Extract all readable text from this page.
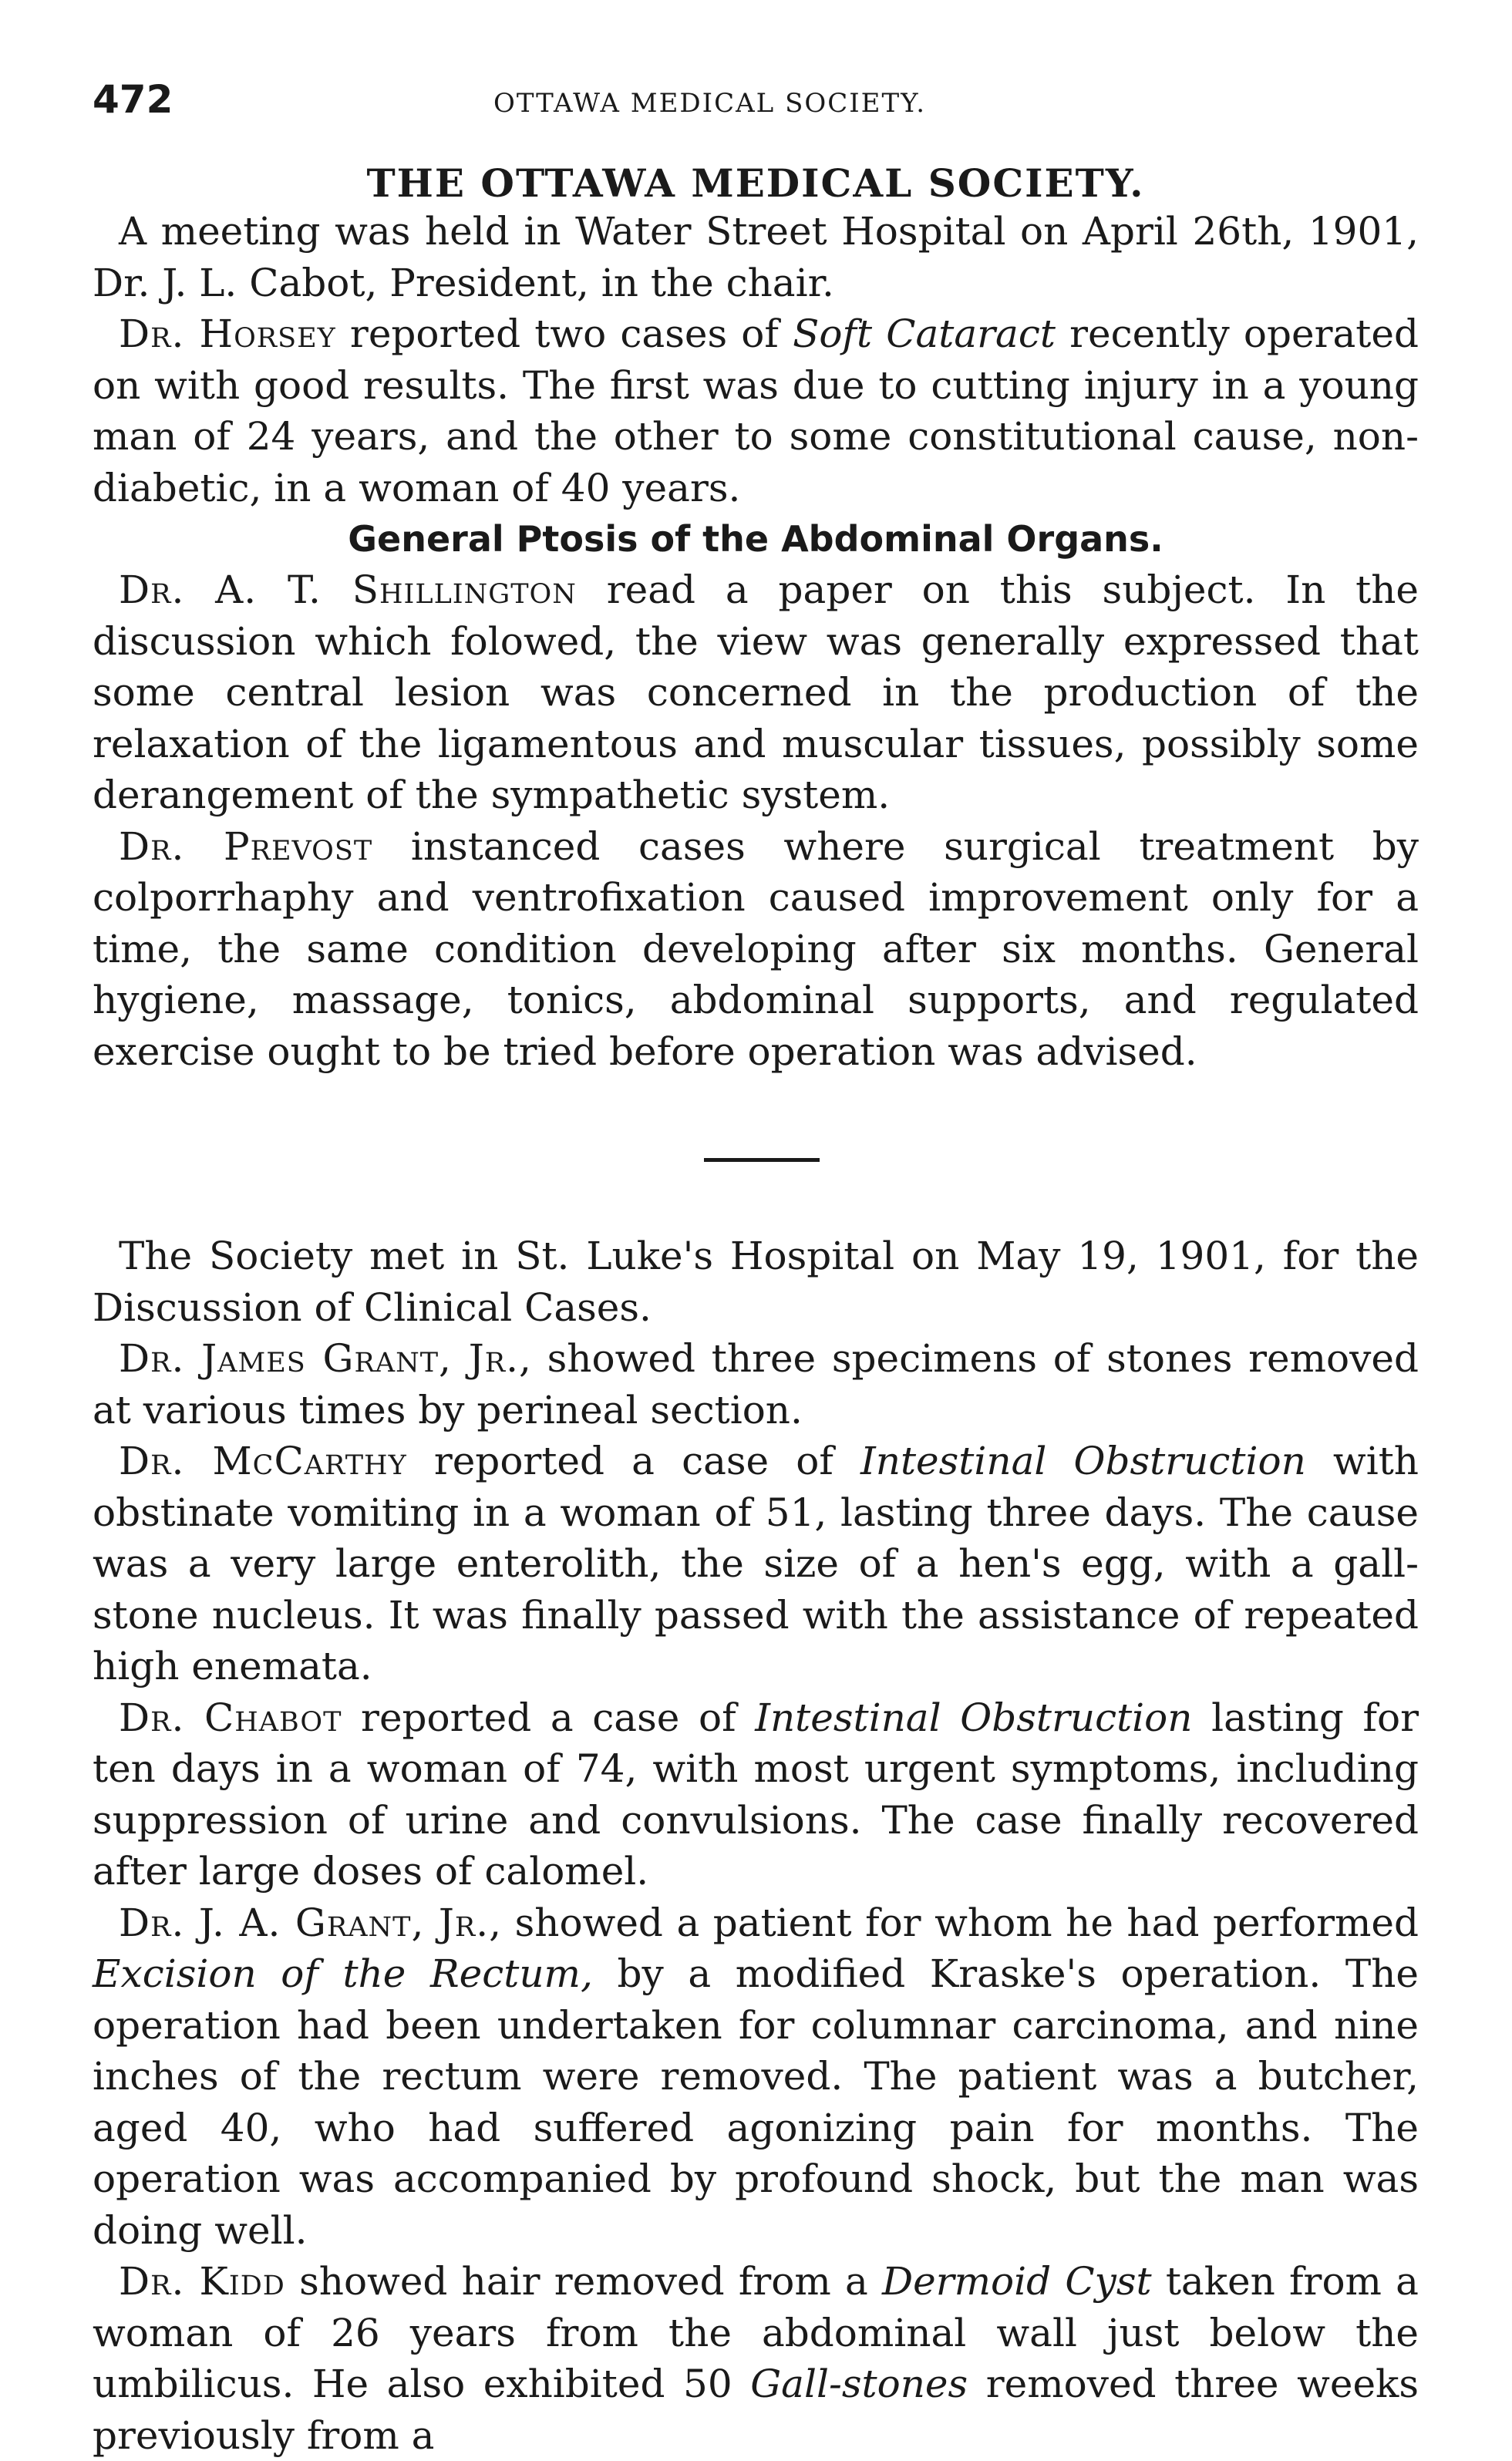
472	OTTAWA MEDICAL SOCIETY.
THE OTTAWA MEDICAL SOCIETY.

A meeting was held in Water Street Hospital on April 26th, 1901, Dr. J. L. Cabot, President, in the chair.

Dr. Horsey reported two cases of Soft Cataract recently operated on with good results. The first was due to cutting injury in a young man of 24 years, and the other to some constitutional cause, non-diabetic, in a woman of 40 years.

General Ptosis of the Abdominal Organs.

Dr. A. T. Shillington read a paper on this subject. In the discussion which folowed, the view was generally expressed that some central lesion was concerned in the production of the relaxation of the ligamentous and muscular tissues, possibly some derangement of the sympathetic system.

Dr. Prevost instanced cases where surgical treatment by colporrhaphy and ventrofixation caused improvement only for a time, the same condition developing after six months. General hygiene, massage, tonics, abdominal supports, and regulated exercise ought to be tried before operation was advised.

The Society met in St. Luke's Hospital on May 19, 1901, for the Discussion of Clinical Cases.

Dr. James Grant, Jr., showed three specimens of stones removed at various times by perineal section.

Dr. McCarthy reported a case of Intestinal Obstruction with obstinate vomiting in a woman of 51, lasting three days. The cause was a very large enterolith, the size of a hen's egg, with a gall-stone nucleus. It was finally passed with the assistance of repeated high enemata.

Dr. Chabot reported a case of Intestinal Obstruction lasting for ten days in a woman of 74, with most urgent symptoms, including suppression of urine and convulsions. The case finally recovered after large doses of calomel.

Dr. J. A. Grant, Jr., showed a patient for whom he had performed Excision of the Rectum, by a modified Kraske's operation. The operation had been undertaken for columnar carcinoma, and nine inches of the rectum were removed. The patient was a butcher, aged 40, who had suffered agonizing pain for months. The operation was accompanied by profound shock, but the man was doing well.

Dr. Kidd showed hair removed from a Dermoid Cyst taken from a woman of 26 years from the abdominal wall just below the umbilicus. He also exhibited 50 Gall-stones removed three weeks previously from a
